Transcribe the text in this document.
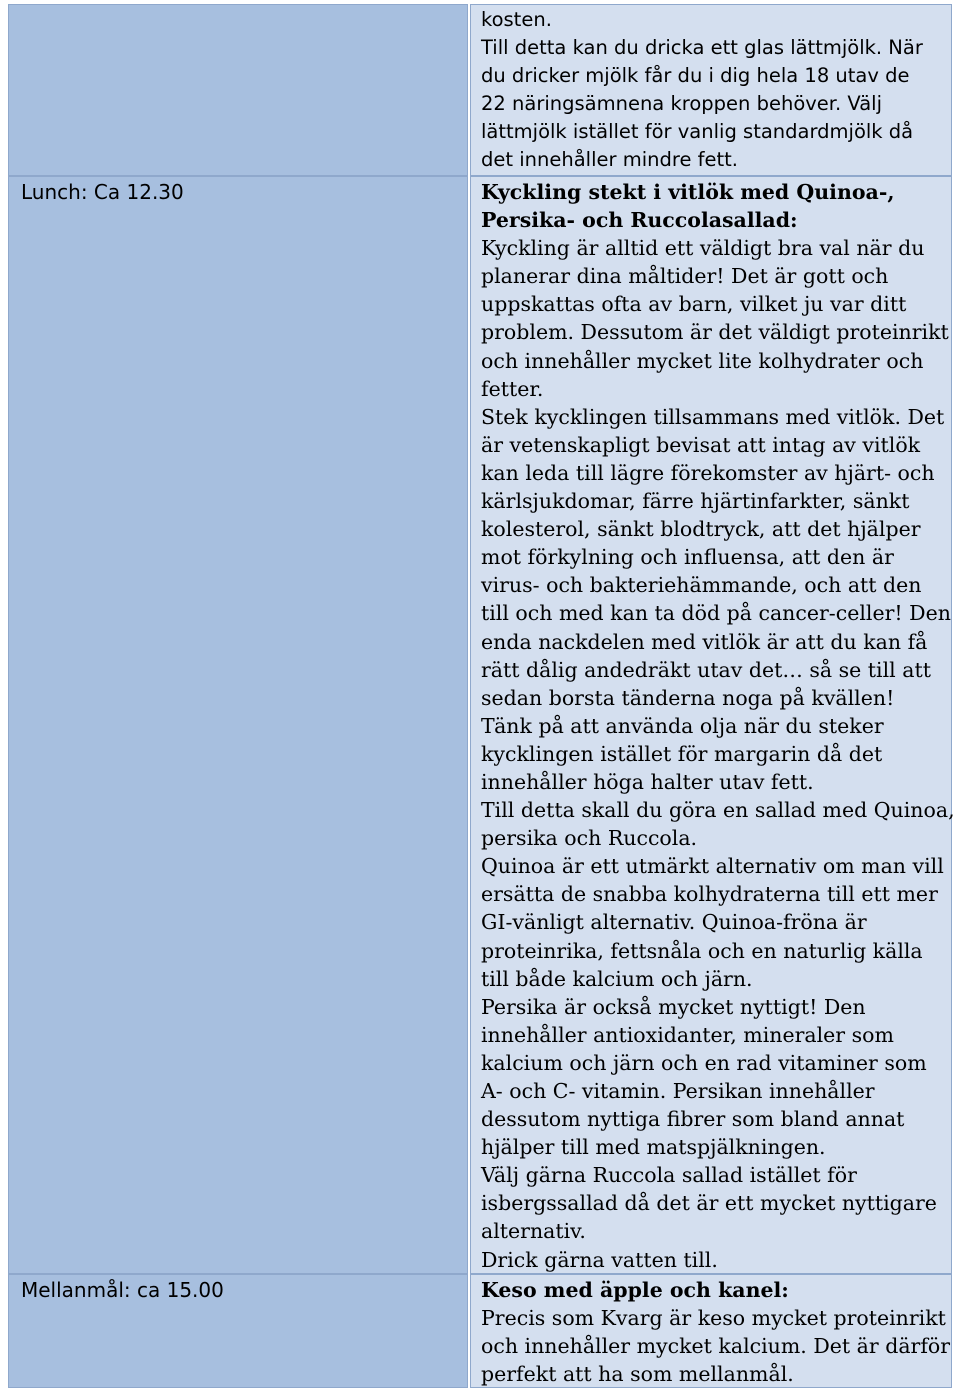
kosten.
Till detta kan du dricka ett glas lättmjölk. När
du dricker mjölk får du i dig hela 18 utav de
22 näringsämnena kroppen behöver. Välj
lättmjölk istället för vanlig standardmjölk då
det innehåller mindre fett.
Lunch: Ca 12.30	Kyckling stekt i vitlök med Quinoa-,
Persika- och Ruccolasallad:
Kyckling är alltid ett väldigt bra val när du
planerar dina måltider! Det är gott och
uppskattas ofta av barn, vilket ju var ditt
problem. Dessutom är det väldigt proteinrikt
och innehåller mycket lite kolhydrater och
fetter.
Stek kycklingen tillsammans med vitlök. Det
är vetenskapligt bevisat att intag av vitlök
kan leda till lägre förekomster av hjärt- och
kärlsjukdomar, färre hjärtinfarkter, sänkt
kolesterol, sänkt blodtryck, att det hjälper
mot förkylning och influensa, att den är
virus- och bakteriehämmande, och att den
till och med kan ta död på cancer-celler! Den
enda nackdelen med vitlök är att du kan få
rätt dålig andedräkt utav det… så se till att
sedan borsta tänderna noga på kvällen!
Tänk på att använda olja när du steker
kycklingen istället för margarin då det
innehåller höga halter utav fett.
Till detta skall du göra en sallad med Quinoa,
persika och Ruccola.
Quinoa är ett utmärkt alternativ om man vill
ersätta de snabba kolhydraterna till ett mer
GI-vänligt alternativ. Quinoa-fröna är
proteinrika, fettsnåla och en naturlig källa
till både kalcium och järn.
Persika är också mycket nyttigt! Den
innehåller antioxidanter, mineraler som
kalcium och järn och en rad vitaminer som
A- och C- vitamin. Persikan innehåller
dessutom nyttiga fibrer som bland annat
hjälper till med matspjälkningen.
Välj gärna Ruccola sallad istället för
isbergssallad då det är ett mycket nyttigare
alternativ.
Drick gärna vatten till.
Mellanmål: ca 15.00	Keso med äpple och kanel:
Precis som Kvarg är keso mycket proteinrikt
och innehåller mycket kalcium. Det är därför
perfekt att ha som mellanmål.
